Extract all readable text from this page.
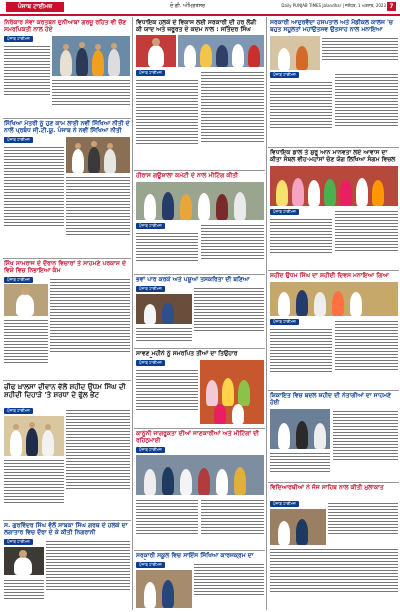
ਪੰਜਾਬ ਟਾਈਮਜ਼	ਦੋ ਗੀ. ਅੰਮ੍ਰਿਤਸਰ	Daily PUNJAB TIMES Jalandhar | ਜਲੰਧਰ, 1 ਅਗਸਤ, 2023 7
ਨਿਰੰਕਾਰ ਸੇਵਾ ਕਰਤਬਨ ਦੁਨੀਆਬਾ ਗਰਜੂ ਰਹਿਤ ਵੀ ਚੌਣ ਸਮਰਪਿਕਤੀ ਨਾਲ ਹੋਏ
ਪੰਜਾਬ ਟਾਈਮਜ਼
ਸਿੱਖਿਆ ਮੰਤਰੀ ਨੂੰ ਹੁਣ ਕਾਮ ਲਾਈ ਨਵੀਂ ਸਿੱਖਿਆ ਨੀਤੀ ਦੇ ਨਾਲੋਂ ਪ੍ਰਬੰਧ ਜੀ.ਟੀ.ਯੂ. ਪੰਜਾਬ ਨੇ ਨਵੀਂ ਸਿੱਖਿਆ ਨੀਤੀ
ਪੰਜਾਬ ਟਾਈਮਜ਼
ਸਿੱਖ ਸਾਮਰਾਜ ਦੇ ਦੌਰਾਨ ਵਿਚਾਰਾਂ ਤੇ ਸਾਹਮਣੇ ਪਰਕਾਸ ਦੇ ਵਿਸ਼ੇ ਵਿਚ ਨਿਭਾਇਆ ਕੰਮ
ਪੰਜਾਬ ਟਾਈਮਜ਼
ਚੀਫ ਖ਼ਾਲਸਾ ਦੀਵਾਨ ਵੱਲੋਂ ਸ਼ਹੀਦ ਉਧਮ ਸਿੰਘ ਦੀ ਸ਼ਹੀਦੀ ਦਿਹਾੜੇ 'ਤੇ ਸ਼ਰਧਾ ਦੇ ਫੁੱਲ ਭੇਂਟ
ਪੰਜਾਬ ਟਾਈਮਜ਼
ਸ. ਗੁਰਵਿੰਦਰ ਸਿੰਘ ਵੱਲੋਂ ਸਾਬਕਾ ਸਿੰਘ ਗਰਥ ਦੇ ਹਲਕੇ ਦਾ ਲਗਾਤਾਰ ਵਿਚ ਦੌਰਾ ਦੇ ਕੇ ਕੀਤੀ ਨਿਗਰਾਨੀ
ਪੰਜਾਬ ਟਾਈਮਜ਼
ਵਿਧਾਇਕ ਹਲਕੇ ਦੇ ਵਿਕਾਸ ਲਈ ਸਰਕਾਰੀ ਦੀ ਹਰ ਲੋੜੀ ਕੀ ਯਾਦ ਅਤੇ ਜ਼ਰੂਰਤ ਦੇ ਕਦਮ ਨਾਲ : ਸਤਿੰਦਰ ਸਿੰਘ
ਪੰਜਾਬ ਟਾਈਮਜ਼
ਹੀਰਾਸ ਗਊਸ਼ਾਲਾ ਕਮੇਟੀ ਦੇ ਨਾਲ ਮੀਟਿੰਗ ਕੀਤੀ
ਪੰਜਾਬ ਟਾਈਮਜ਼
ਭਵਾਂ ਪਾਰ ਕਰਕੇ ਅਤੇ ਪਸ਼ੂਆਂ ਤਸਕਰਿਤਾ ਦੀ ਬਣਿਆ
ਪੰਜਾਬ ਟਾਈਮਜ਼
ਸਾਵਣ ਮਹੀਨੇ ਨੂੰ ਸਮਰਪਿਤ ਤੀਆਂ ਦਾ ਤਿਉਹਾਰ
ਪੰਜਾਬ ਟਾਈਮਜ਼
ਕਾਨੂੰਨੀ ਜਾਗਰੂਕਤਾ ਦੀਆਂ ਜਾਣਕਾਰੀਆਂ ਅਤੇ ਮੀਟਿੰਗਾਂ ਦੀ ਰਹਿਨੁਮਾਈ
ਪੰਜਾਬ ਟਾਈਮਜ਼
ਸਰਕਾਰੀ ਸਕੂਲ ਵਿਚ ਸਾਇੰਸ ਸਿੱਖਿਆ ਕਾਰਜਕ੍ਰਮ ਦਾ
ਪੰਜਾਬ ਟਾਈਮਜ਼
ਸਰਕਾਰੀ ਆਦੁਰਵੈਦਾ ਹਸਪਤਾਲ ਅਤੇ ਮੈਡੀਕਲ ਕਾਲਜ 'ਚ ਬਹੁਤ ਸਹੂਲਤਾਂ ਮਹਾਂਉਤਸਵ ਉਤਸਾਹ ਨਾਲ ਮਨਾਇਆ
ਪੰਜਾਬ ਟਾਈਮਜ਼
ਵਿਧਾਇਕ ਡਾਲ ਤੇ ਸ਼ੁਰੂ ਆਨ ਮਾਨਵਤਾ ਲਏ ਆਵਾਸ ਦਾ ਕੀਤਾ ਸੰਬਲ ਵੀਹ-ਮਹਾਂਸਾਂ ਚੋਣ ਯੋਗ ਲਿਖਿਆ ਸੰਗਮ ਵਿਚਲ
ਪੰਜਾਬ ਟਾਈਮਜ਼
ਸ਼ਹੀਦ ਉਧਮ ਸਿੰਘ ਦਾ ਸ਼ਹੀਦੀ ਦਿਵਸ ਮਨਾਇਆ ਗਿਆ
ਪੰਜਾਬ ਟਾਈਮਜ਼
ਸ਼ਿਕਾਇਤ ਵਿਚ ਬਦਲ ਸ਼ਹੀਦ ਦੀ ਨੇਤਾਗੀਆਂ ਦਾ ਸਾਹਮਣੇ ਹੋਈ
ਵਿਦਿਆਰਥੀਆਂ ਨੇ ਜੱਜ ਸਾਹਿਬ ਨਾਲ ਕੀਤੀ ਮੁਲਾਕਾਤ
ਪੰਜਾਬ ਟਾਈਮਜ਼
